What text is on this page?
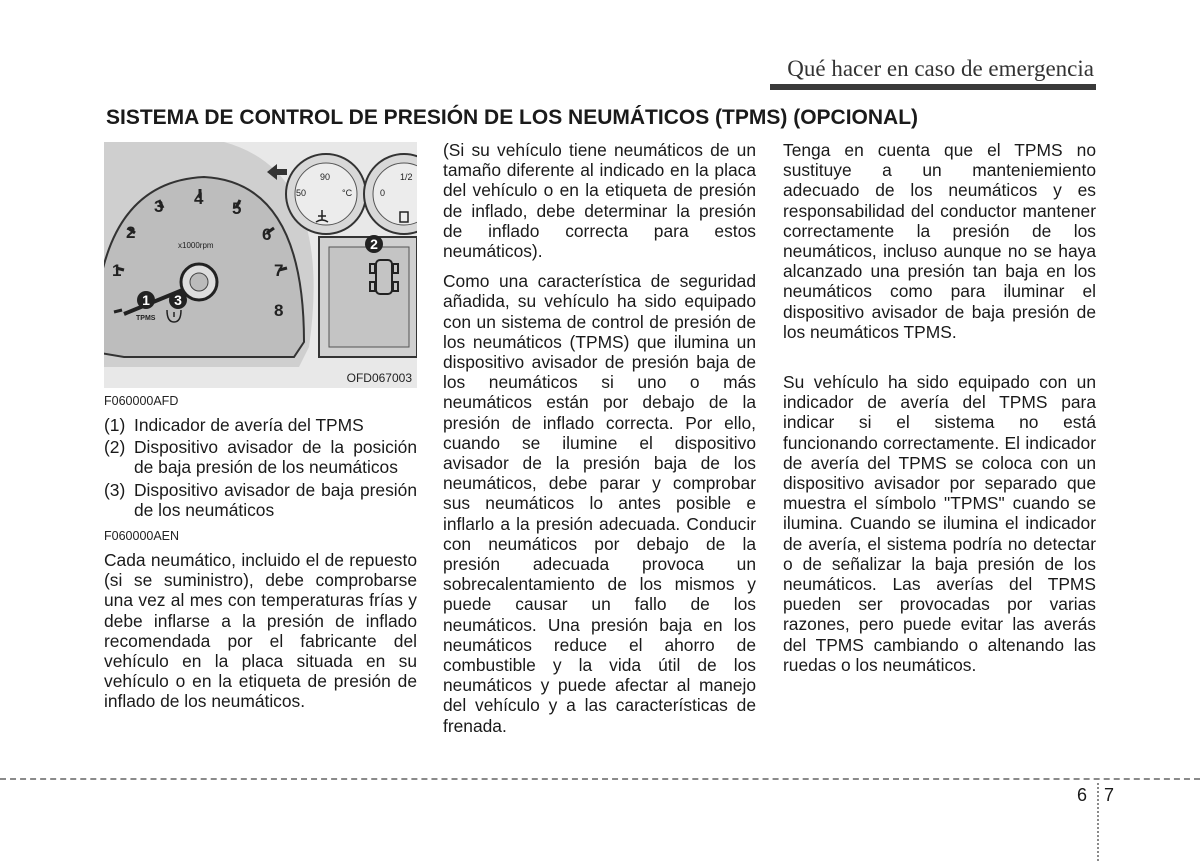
Qué hacer en caso de emergencia
SISTEMA DE CONTROL DE PRESIÓN DE LOS NEUMÁTICOS (TPMS) (OPCIONAL)
1
2
3 4
5
6
7
8
x1000rpm
50
90
°C	0
1/2
TPMS
1 3
2
OFD067003
F060000AFD
(1) Indicador de avería del TPMS
(2) Dispositivo avisador de la posición de baja presión de los neumáticos
(3) Dispositivo avisador de baja presión de los neumáticos
F060000AEN

Cada neumático, incluido el de repuesto (si se suministro), debe comprobarse una vez al mes con temperaturas frías y debe inflarse a la presión de inflado recomendada por el fabricante del vehículo en la placa situada en su vehículo o en la etiqueta de presión de inflado de los neumáticos.

(Si su vehículo tiene neumáticos de un tamaño diferente al indicado en la placa del vehículo o en la etiqueta de presión de inflado, debe determinar la presión de inflado correcta para estos neumáticos).

Como una característica de seguridad añadida, su vehículo ha sido equipado con un sistema de control de presión de los neumáticos (TPMS) que ilumina un dispositivo avisador de presión baja de los neumáticos si uno o más neumáticos están por debajo de la presión de inflado correcta. Por ello, cuando se ilumine el dispositivo avisador de la presión baja de los neumáticos, debe parar y comprobar sus neumáticos lo antes posible e inflarlo a la presión adecuada. Conducir con neumáticos por debajo de la presión adecuada provoca un sobrecalentamiento de los mismos y puede causar un fallo de los neumáticos. Una presión baja en los neumáticos reduce el ahorro de combustible y la vida útil de los neumáticos y puede afectar al manejo del vehículo y a las características de frenada.

Tenga en cuenta que el TPMS no sustituye a un manteniemiento adecuado de los neumáticos y es responsabilidad del conductor mantener correctamente la presión de los neumáticos, incluso aunque no se haya alcanzado una presión tan baja en los neumáticos como para iluminar el dispositivo avisador de baja presión de los neumáticos TPMS.

Su vehículo ha sido equipado con un indicador de avería del TPMS para indicar si el sistema no está funcionando correctamente. El indicador de avería del TPMS se coloca con un dispositivo avisador por separado que muestra el símbolo "TPMS" cuando se ilumina. Cuando se ilumina el indicador de avería, el sistema podría no detectar o de señalizar la baja presión de los neumáticos. Las averías del TPMS pueden ser provocadas por varias razones, pero puede evitar las averás del TPMS cambiando o altenando las ruedas o los neumáticos.

6 7
